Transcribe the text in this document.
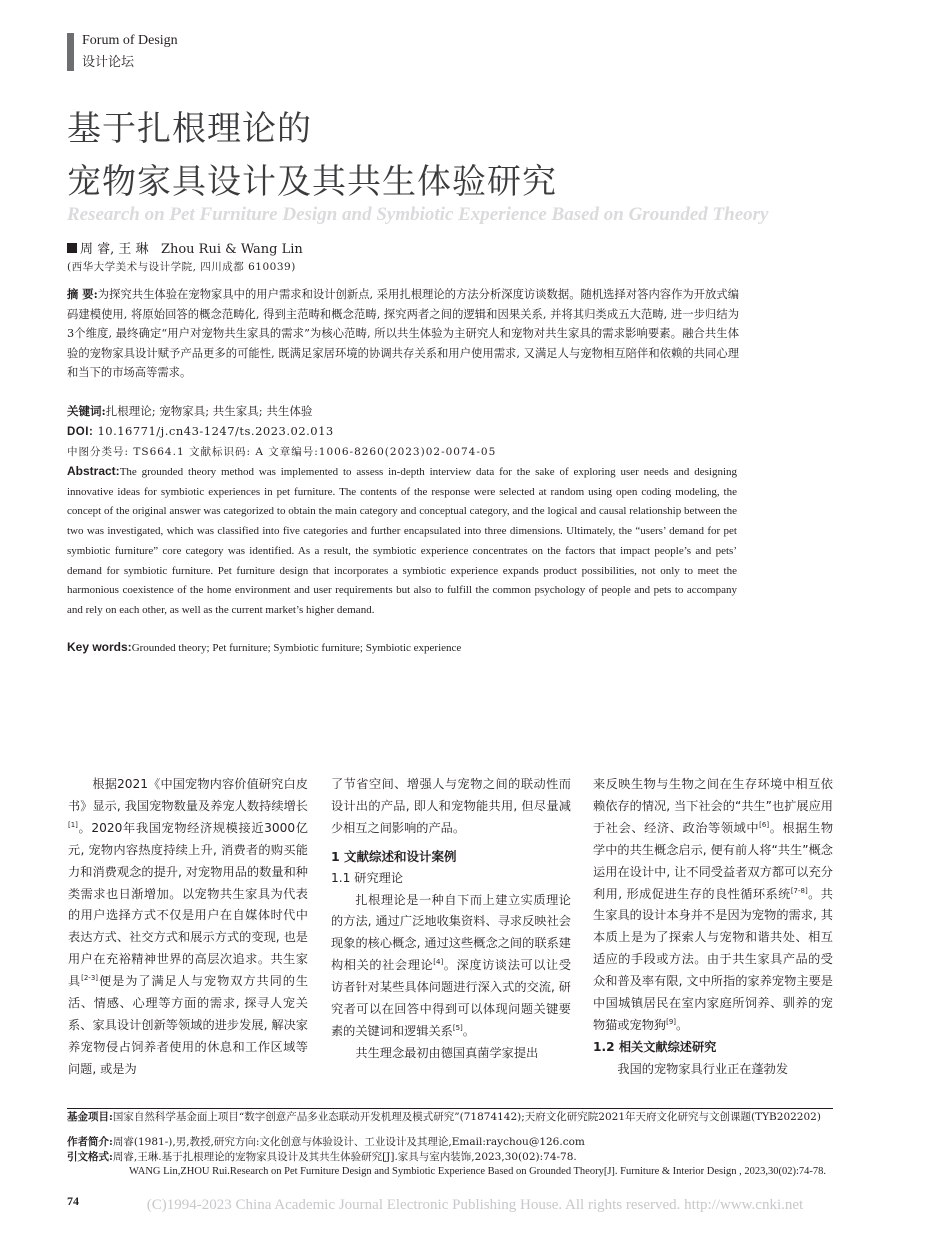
Forum of Design
设计论坛
基于扎根理论的
宠物家具设计及其共生体验研究
Research on Pet Furniture Design and Symbiotic Experience Based on Grounded Theory
周 睿, 王 琳 Zhou Rui & Wang Lin
(西华大学美术与设计学院, 四川成都 610039)
摘 要:为探究共生体验在宠物家具中的用户需求和设计创新点, 采用扎根理论的方法分析深度访谈数据。随机选择对答内容作为开放式编码建模使用, 将原始回答的概念范畴化, 得到主范畴和概念范畴, 探究两者之间的逻辑和因果关系, 并将其归类成五大范畴, 进一步归结为3个维度, 最终确定“用户对宠物共生家具的需求”为核心范畴, 所以共生体验为主研究人和宠物对共生家具的需求影响要素。融合共生体验的宠物家具设计赋予产品更多的可能性, 既满足家居环境的协调共存关系和用户使用需求, 又满足人与宠物相互陪伴和依赖的共同心理和当下的市场高等需求。
关键词:扎根理论; 宠物家具; 共生家具; 共生体验
DOI: 10.16771/j.cn43-1247/ts.2023.02.013
中图分类号: TS664.1 文献标识码: A 文章编号:1006-8260(2023)02-0074-05
Abstract:The grounded theory method was implemented to assess in-depth interview data for the sake of exploring user needs and designing innovative ideas for symbiotic experiences in pet furniture. The contents of the response were selected at random using open coding modeling, the concept of the original answer was categorized to obtain the main category and conceptual category, and the logical and causal relationship between the two was investigated, which was classified into five categories and further encapsulated into three dimensions. Ultimately, the “users’ demand for pet symbiotic furniture” core category was identified. As a result, the symbiotic experience concentrates on the factors that impact people’s and pets’ demand for symbiotic furniture. Pet furniture design that incorporates a symbiotic experience expands product possibilities, not only to meet the harmonious coexistence of the home environment and user requirements but also to fulfill the common psychology of people and pets to accompany and rely on each other, as well as the current market’s higher demand.
Key words:Grounded theory; Pet furniture; Symbiotic furniture; Symbiotic experience

根据2021《中国宠物内容价值研究白皮书》显示, 我国宠物数量及养宠人数持续增长[1]。2020年我国宠物经济规模接近3000亿元, 宠物内容热度持续上升, 消费者的购买能力和消费观念的提升, 对宠物用品的数量和种类需求也日渐增加。以宠物共生家具为代表的用户选择方式不仅是用户在自媒体时代中表达方式、社交方式和展示方式的变现, 也是用户在充裕精神世界的高层次追求。共生家具[2-3]便是为了满足人与宠物双方共同的生活、情感、心理等方面的需求, 探寻人宠关系、家具设计创新等领域的进步发展, 解决家养宠物侵占饲养者使用的休息和工作区域等问题, 或是为

了节省空间、增强人与宠物之间的联动性而设计出的产品, 即人和宠物能共用, 但尽量减少相互之间影响的产品。

1 文献综述和设计案例
1.1 研究理论

扎根理论是一种自下而上建立实质理论的方法, 通过广泛地收集资料、寻求反映社会现象的核心概念, 通过这些概念之间的联系建构相关的社会理论[4]。深度访谈法可以让受访者针对某些具体问题进行深入式的交流, 研究者可以在回答中得到可以体现问题关键要素的关键词和逻辑关系[5]。

共生理念最初由德国真菌学家提出

来反映生物与生物之间在生存环境中相互依赖依存的情况, 当下社会的“共生”也扩展应用于社会、经济、政治等领域中[6]。根据生物学中的共生概念启示, 便有前人将“共生”概念运用在设计中, 让不同受益者双方都可以充分利用, 形成促进生存的良性循环系统[7-8]。共生家具的设计本身并不是因为宠物的需求, 其本质上是为了探索人与宠物和谐共处、相互适应的手段或方法。由于共生家具产品的受众和普及率有限, 文中所指的家养宠物主要是中国城镇居民在室内家庭所饲养、驯养的宠物猫或宠物狗[9]。

1.2 相关文献综述研究

我国的宠物家具行业正在蓬勃发

基金项目:国家自然科学基金面上项目“数字创意产品多业态联动开发机理及模式研究”(71874142);天府文化研究院2021年天府文化研究与文创课题(TYB202202)
作者简介:周睿(1981-),男,教授,研究方向:文化创意与体验设计、工业设计及其理论,Email:raychou@126.com
引文格式:周睿,王琳.基于扎根理论的宠物家具设计及其共生体验研究[J].家具与室内装饰,2023,30(02):74-78.
WANG Lin,ZHOU Rui.Research on Pet Furniture Design and Symbiotic Experience Based on Grounded Theory[J]. Furniture & Interior Design , 2023,30(02):74-78.
74	(C)1994-2023 China Academic Journal Electronic Publishing House. All rights reserved. http://www.cnki.net
